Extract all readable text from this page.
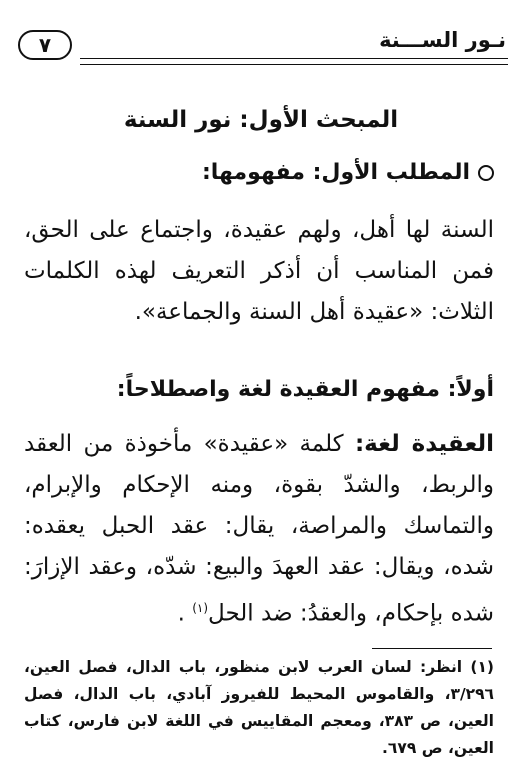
٧	نـور الســـنة
المبحث الأول: نور السنة
المطلب الأول: مفهومها:
السنة لها أهل، ولهم عقيدة، واجتماع على الحق، فمن المناسب أن أذكر التعريف لهذه الكلمات الثلاث: «عقيدة أهل السنة والجماعة».
أولاً: مفهوم العقيدة لغة واصطلاحاً:
العقيدة لغة: كلمة «عقيدة» مأخوذة من العقد والربط، والشدّ بقوة، ومنه الإحكام والإبرام، والتماسك والمراصة، يقال: عقد الحبل يعقده: شده، ويقال: عقد العهدَ والبيع: شدّه، وعقد الإزارَ: شده بإحكام، والعقدُ: ضد الحل$^{(١)}$ .
(١) انظر: لسان العرب لابن منظور، باب الدال، فصل العين، ٣/٢٩٦، والقاموس المحيط للفيروز آبادي، باب الدال، فصل العين، ص ٣٨٣، ومعجم المقاييس في اللغة لابن فارس، كتاب العين، ص ٦٧٩.
